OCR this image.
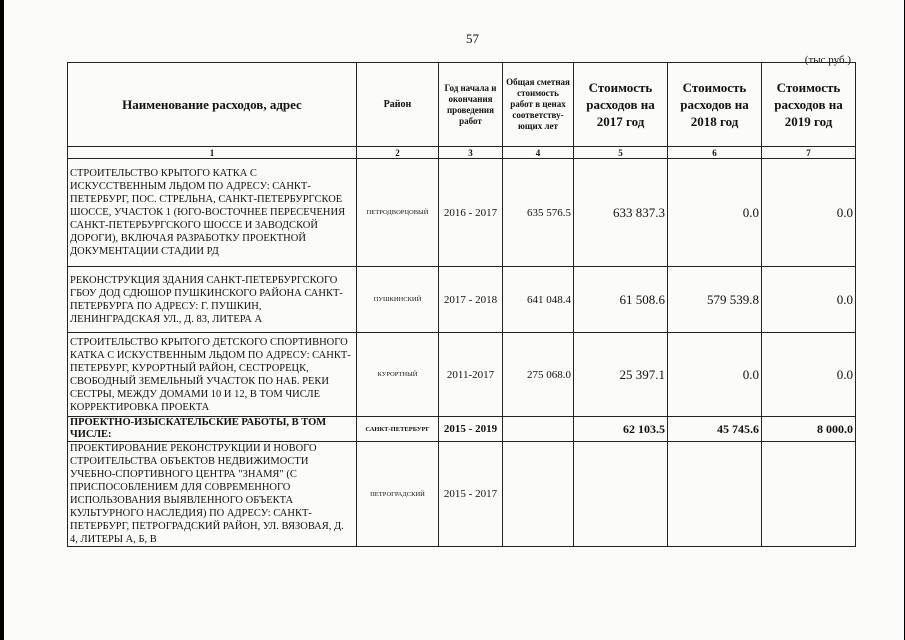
57
(тыс.руб.)
Наименование расходов, адрес	Район	Год начала и окончания проведения работ	Общая сметная стоимость работ в ценах соответству-ющих лет	Стоимость расходов на 2017 год	Стоимость расходов на 2018 год	Стоимость расходов на 2019 год
1	2	3	4	5	6	7
СТРОИТЕЛЬСТВО КРЫТОГО КАТКА С ИСКУССТВЕННЫМ ЛЬДОМ ПО АДРЕСУ: САНКТ-ПЕТЕРБУРГ, ПОС. СТРЕЛЬНА, САНКТ-ПЕТЕРБУРГСКОЕ ШОССЕ, УЧАСТОК 1 (ЮГО-ВОСТОЧНЕЕ ПЕРЕСЕЧЕНИЯ САНКТ-ПЕТЕРБУРГСКОГО ШОССЕ И ЗАВОДСКОЙ ДОРОГИ), ВКЛЮЧАЯ РАЗРАБОТКУ ПРОЕКТНОЙ ДОКУМЕНТАЦИИ СТАДИИ РД	ПЕТРОДВОРЦОВЫЙ	2016 - 2017	635 576.5	633 837.3	0.0	0.0
РЕКОНСТРУКЦИЯ ЗДАНИЯ САНКТ-ПЕТЕРБУРГСКОГО ГБОУ ДОД СДЮШОР ПУШКИНСКОГО РАЙОНА САНКТ-ПЕТЕРБУРГА ПО АДРЕСУ: Г. ПУШКИН, ЛЕНИНГРАДСКАЯ УЛ., Д. 83, ЛИТЕРА А	ПУШКИНСКИЙ	2017 - 2018	641 048.4	61 508.6	579 539.8	0.0
СТРОИТЕЛЬСТВО КРЫТОГО ДЕТСКОГО СПОРТИВНОГО КАТКА С ИСКУСТВЕННЫМ ЛЬДОМ ПО АДРЕСУ: САНКТ-ПЕТЕРБУРГ, КУРОРТНЫЙ РАЙОН, СЕСТРОРЕЦК, СВОБОДНЫЙ ЗЕМЕЛЬНЫЙ УЧАСТОК ПО НАБ. РЕКИ СЕСТРЫ, МЕЖДУ ДОМАМИ 10 И 12, В ТОМ ЧИСЛЕ КОРРЕКТИРОВКА ПРОЕКТА	КУРОРТНЫЙ	2011-2017	275 068.0	25 397.1	0.0	0.0
ПРОЕКТНО-ИЗЫСКАТЕЛЬСКИЕ РАБОТЫ, В ТОМ ЧИСЛЕ:	САНКТ-ПЕТЕРБУРГ	2015 - 2019		62 103.5	45 745.6	8 000.0
ПРОЕКТИРОВАНИЕ РЕКОНСТРУКЦИИ И НОВОГО СТРОИТЕЛЬСТВА ОБЪЕКТОВ НЕДВИЖИМОСТИ УЧЕБНО-СПОРТИВНОГО ЦЕНТРА "ЗНАМЯ" (С ПРИСПОСОБЛЕНИЕМ ДЛЯ СОВРЕМЕННОГО ИСПОЛЬЗОВАНИЯ ВЫЯВЛЕННОГО ОБЪЕКТА КУЛЬТУРНОГО НАСЛЕДИЯ) ПО АДРЕСУ: САНКТ-ПЕТЕРБУРГ, ПЕТРОГРАДСКИЙ РАЙОН, УЛ. ВЯЗОВАЯ, Д. 4, ЛИТЕРЫ А, Б, В	ПЕТРОГРАДСКИЙ	2015 - 2017				
